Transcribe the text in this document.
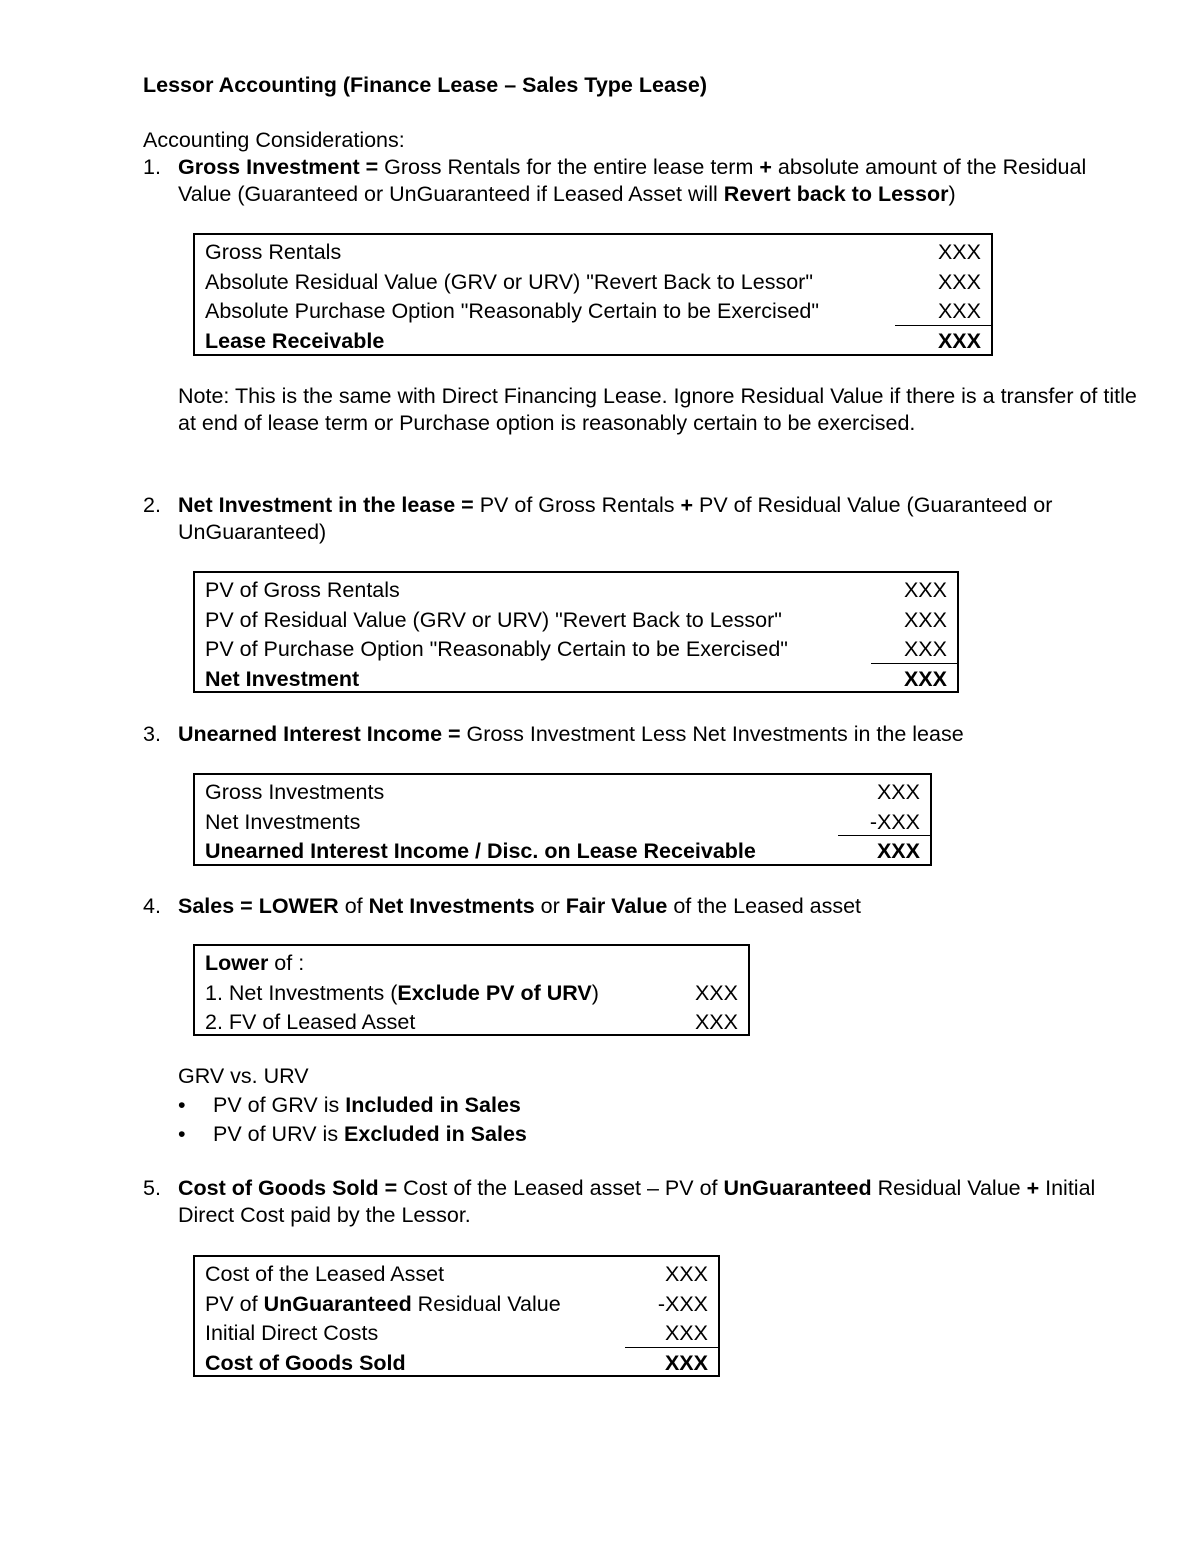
Lessor Accounting (Finance Lease – Sales Type Lease)
Accounting Considerations:
1. Gross Investment = Gross Rentals for the entire lease term + absolute amount of the Residual Value (Guaranteed or UnGuaranteed if Leased Asset will Revert back to Lessor)
Gross Rentals	XXX
Absolute Residual Value (GRV or URV) "Revert Back to Lessor"	XXX
Absolute Purchase Option "Reasonably Certain to be Exercised"	XXX
Lease Receivable	XXX
Note: This is the same with Direct Financing Lease. Ignore Residual Value if there is a transfer of title at end of lease term or Purchase option is reasonably certain to be exercised.
2. Net Investment in the lease = PV of Gross Rentals + PV of Residual Value (Guaranteed or UnGuaranteed)
PV of Gross Rentals	XXX
PV of Residual Value (GRV or URV) "Revert Back to Lessor"	XXX
PV of Purchase Option "Reasonably Certain to be Exercised"	XXX
Net Investment	XXX
3. Unearned Interest Income = Gross Investment Less Net Investments in the lease
Gross Investments	XXX
Net Investments	-XXX
Unearned Interest Income / Disc. on Lease Receivable	XXX
4. Sales = LOWER of Net Investments or Fair Value of the Leased asset
Lower of :
1. Net Investments (Exclude PV of URV)	XXX
2. FV of Leased Asset	XXX
GRV vs. URV
• PV of GRV is Included in Sales
• PV of URV is Excluded in Sales
5. Cost of Goods Sold = Cost of the Leased asset – PV of UnGuaranteed Residual Value + Initial Direct Cost paid by the Lessor.
Cost of the Leased Asset	XXX
PV of UnGuaranteed Residual Value	-XXX
Initial Direct Costs	XXX
Cost of Goods Sold	XXX
